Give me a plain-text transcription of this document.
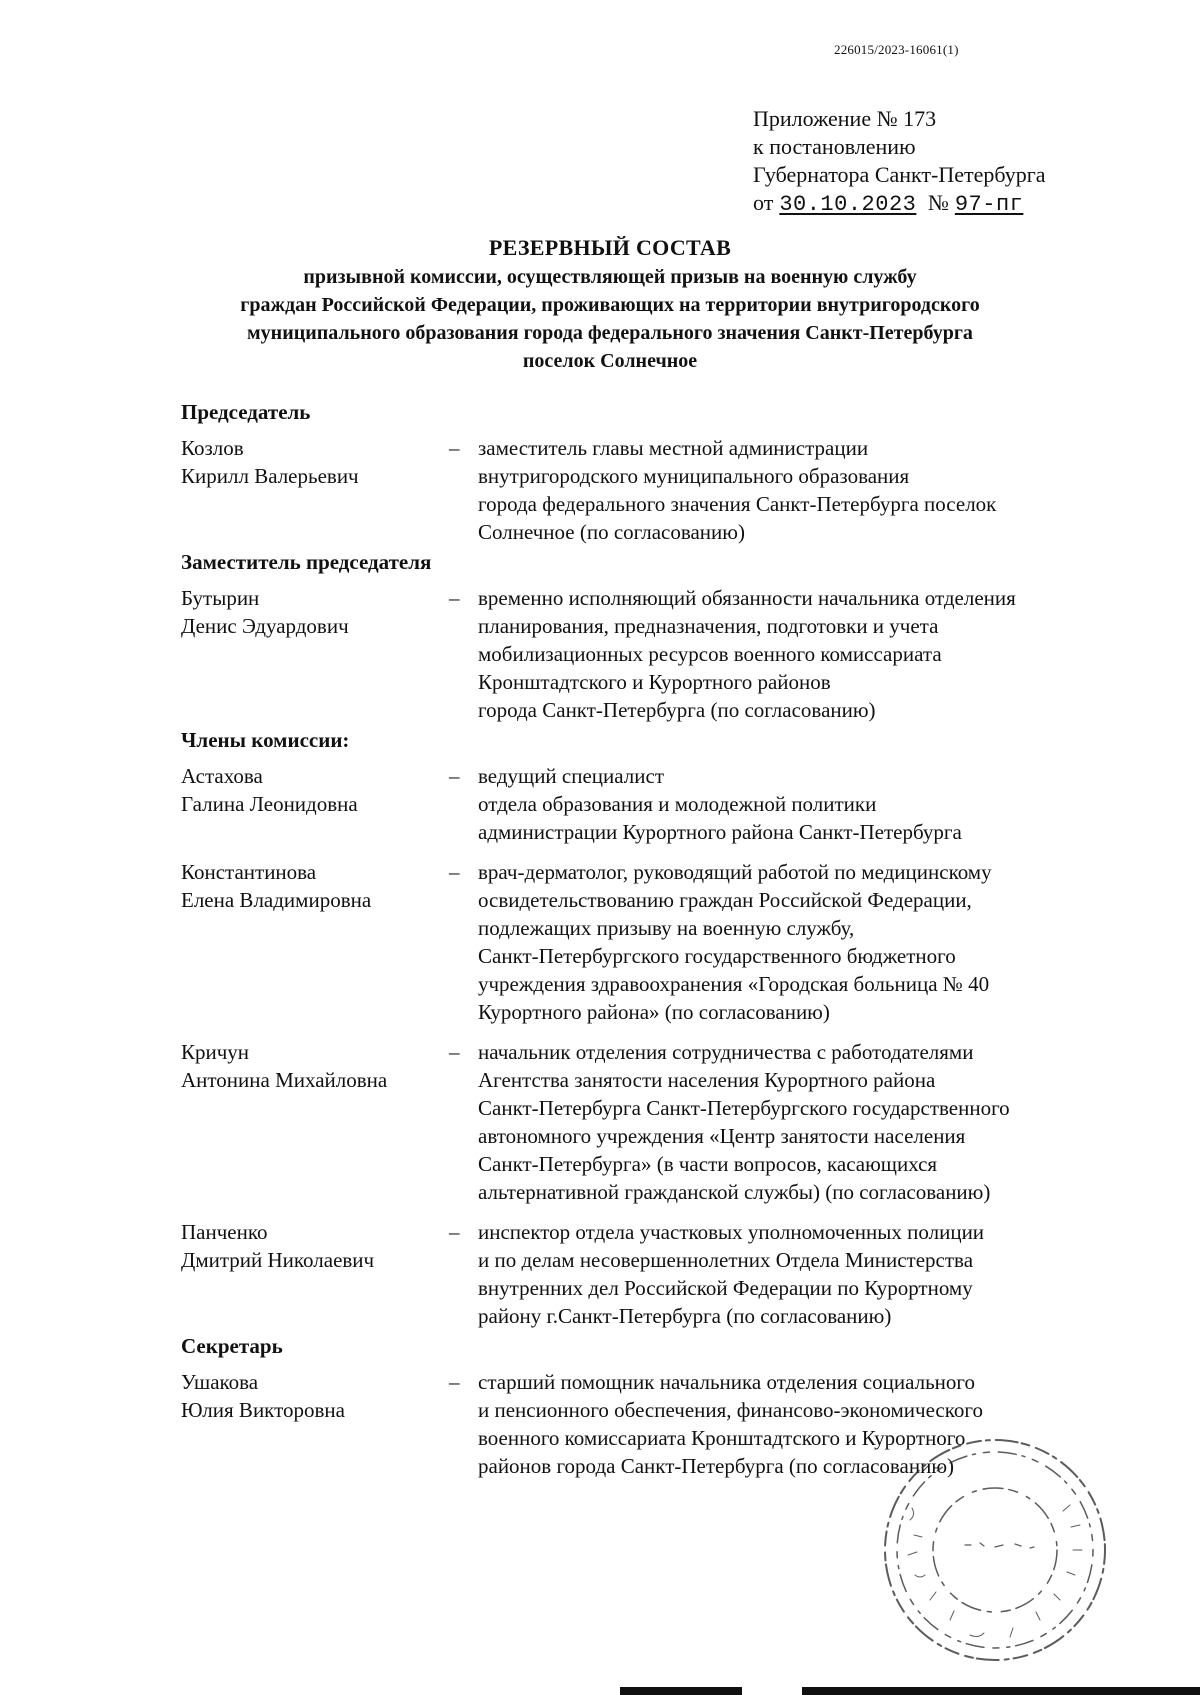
226015/2023-16061(1)
Приложение № 173
к постановлению
Губернатора Санкт-Петербурга
от 30.10.2023 № 97-пг
РЕЗЕРВНЫЙ СОСТАВ
призывной комиссии, осуществляющей призыв на военную службу
граждан Российской Федерации, проживающих на территории внутригородского
муниципального образования города федерального значения Санкт-Петербурга
поселок Солнечное
Председатель
Козлов
Кирилл Валерьевич
– заместитель главы местной администрации
внутригородского муниципального образования
города федерального значения Санкт-Петербурга поселок
Солнечное (по согласованию)
Заместитель председателя
Бутырин
Денис Эдуардович
– временно исполняющий обязанности начальника отделения
планирования, предназначения, подготовки и учета
мобилизационных ресурсов военного комиссариата
Кронштадтского и Курортного районов
города Санкт-Петербурга (по согласованию)
Члены комиссии:
Астахова
Галина Леонидовна
– ведущий специалист
отдела образования и молодежной политики
администрации Курортного района Санкт-Петербурга
Константинова
Елена Владимировна
– врач-дерматолог, руководящий работой по медицинскому
освидетельствованию граждан Российской Федерации,
подлежащих призыву на военную службу,
Санкт-Петербургского государственного бюджетного
учреждения здравоохранения «Городская больница № 40
Курортного района» (по согласованию)
Кричун
Антонина Михайловна
– начальник отделения сотрудничества с работодателями
Агентства занятости населения Курортного района
Санкт-Петербурга Санкт-Петербургского государственного
автономного учреждения «Центр занятости населения
Санкт-Петербурга» (в части вопросов, касающихся
альтернативной гражданской службы) (по согласованию)
Панченко
Дмитрий Николаевич
– инспектор отдела участковых уполномоченных полиции
и по делам несовершеннолетних Отдела Министерства
внутренних дел Российской Федерации по Курортному
району г.Санкт-Петербурга (по согласованию)
Секретарь
Ушакова
Юлия Викторовна
– старший помощник начальника отделения социального
и пенсионного обеспечения, финансово-экономического
военного комиссариата Кронштадтского и Курортного
районов города Санкт-Петербурга (по согласованию)
